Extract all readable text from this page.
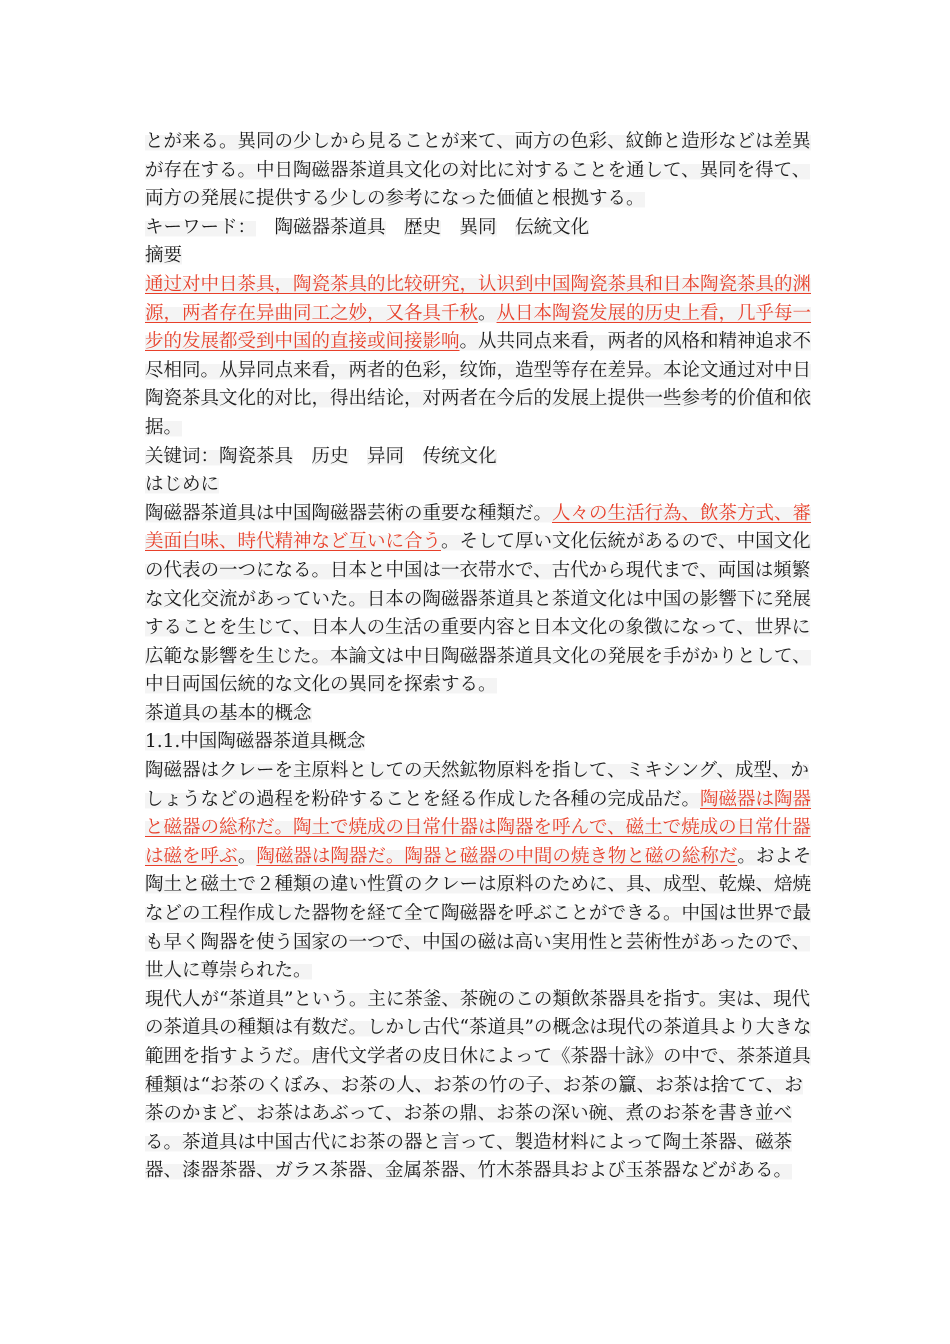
とが来る。異同の少しから見ることが来て、両方の色彩、紋飾と造形などは差異が存在する。中日陶磁器茶道具文化の対比に対することを通して、異同を得て、両方の発展に提供する少しの参考になった価値と根拠する。

キーワード： 陶磁器茶道具 歴史 異同 伝統文化

摘要

通过对中日茶具，陶瓷茶具的比较研究，认识到中国陶瓷茶具和日本陶瓷茶具的渊源，两者存在异曲同工之妙，又各具千秋。从日本陶瓷发展的历史上看，几乎每一步的发展都受到中国的直接或间接影响。从共同点来看，两者的风格和精神追求不尽相同。从异同点来看，两者的色彩，纹饰，造型等存在差异。本论文通过对中日陶瓷茶具文化的对比，得出结论，对两者在今后的发展上提供一些参考的价值和依据。

关键词：陶瓷茶具 历史 异同 传统文化

はじめに

陶磁器茶道具は中国陶磁器芸術の重要な種類だ。人々の生活行為、飲茶方式、審美面白味、時代精神など互いに合う。そして厚い文化伝統があるので、中国文化の代表の一つになる。日本と中国は一衣帯水で、古代から現代まで、両国は頻繁な文化交流があっていた。日本の陶磁器茶道具と茶道文化は中国の影響下に発展することを生じて、日本人の生活の重要内容と日本文化の象徴になって、世界に広範な影響を生じた。本論文は中日陶磁器茶道具文化の発展を手がかりとして、中日両国伝統的な文化の異同を探索する。

茶道具の基本的概念

1.1.中国陶磁器茶道具概念

陶磁器はクレーを主原料としての天然鉱物原料を指して、ミキシング、成型、かしょうなどの過程を粉砕することを経る作成した各種の完成品だ。陶磁器は陶器と磁器の総称だ。陶土で焼成の日常什器は陶器を呼んで、磁土で焼成の日常什器は磁を呼ぶ。陶磁器は陶器だ。陶器と磁器の中間の焼き物と磁の総称だ。およそ陶土と磁土で２種類の違い性質のクレーは原料のために、具、成型、乾燥、焙焼などの工程作成した器物を経て全て陶磁器を呼ぶことができる。中国は世界で最も早く陶器を使う国家の一つで、中国の磁は高い実用性と芸術性があったので、世人に尊崇られた。

現代人が“茶道具”という。主に茶釜、茶碗のこの類飲茶器具を指す。実は、現代の茶道具の種類は有数だ。しかし古代“茶道具”の概念は現代の茶道具より大きな範囲を指すようだ。唐代文学者の皮日休によって《茶器十詠》の中で、茶茶道具種類は“お茶のくぼみ、お茶の人、お茶の竹の子、お茶の籯、お茶は捨てて、お茶のかまど、お茶はあぶって、お茶の鼎、お茶の深い碗、煮のお茶を書き並べる。茶道具は中国古代にお茶の器と言って、製造材料によって陶土茶器、磁茶器、漆器茶器、ガラス茶器、金属茶器、竹木茶器具および玉茶器などがある。
